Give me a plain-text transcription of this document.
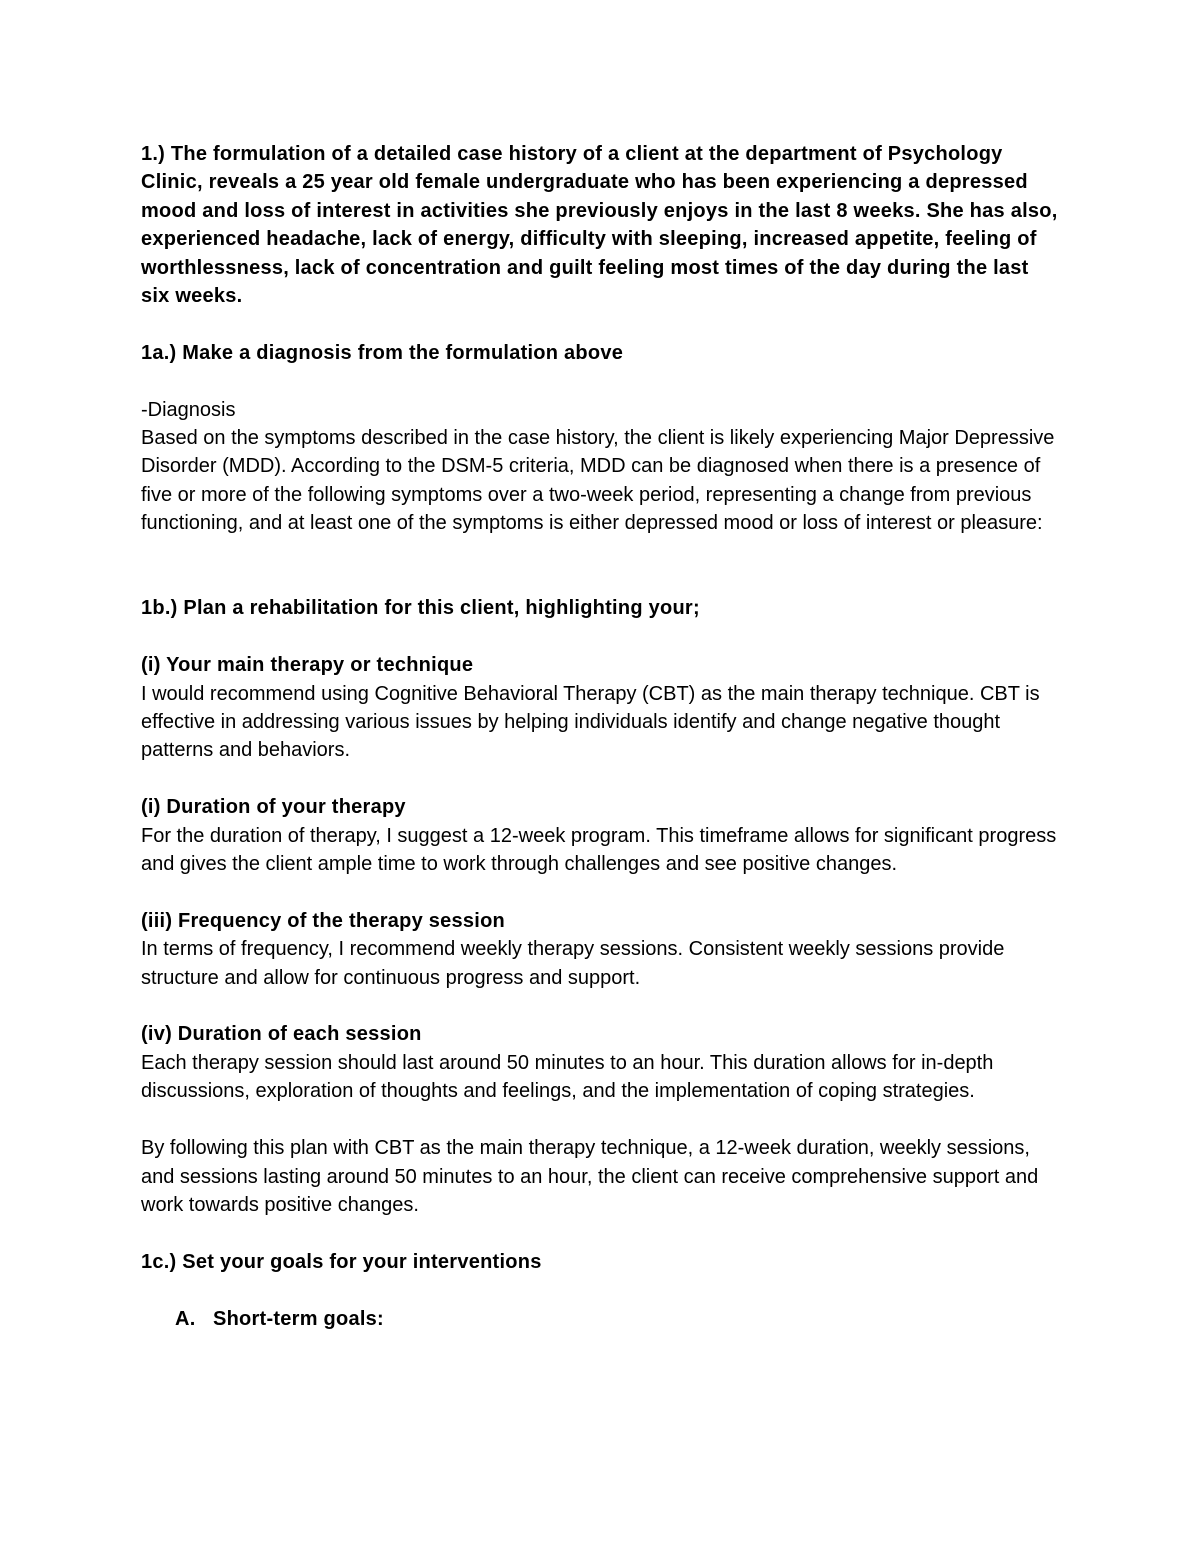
1.) The formulation of a detailed case history of a client at the department of Psychology Clinic, reveals a 25 year old female undergraduate who has been experiencing a depressed mood and loss of interest in activities she previously enjoys in the last 8 weeks. She has also, experienced headache, lack of energy, difficulty with sleeping, increased appetite, feeling of worthlessness, lack of concentration and guilt feeling most times of the day during the last six weeks.

1a.) Make a diagnosis from the formulation above

-Diagnosis

Based on the symptoms described in the case history, the client is likely experiencing Major Depressive Disorder (MDD). According to the DSM-5 criteria, MDD can be diagnosed when there is a presence of five or more of the following symptoms over a two-week period, representing a change from previous functioning, and at least one of the symptoms is either depressed mood or loss of interest or pleasure:

1b.) Plan a rehabilitation for this client, highlighting your;

(i) Your main therapy or technique

I would recommend using Cognitive Behavioral Therapy (CBT) as the main therapy technique. CBT is effective in addressing various issues by helping individuals identify and change negative thought patterns and behaviors.

(i) Duration of your therapy

For the duration of therapy, I suggest a 12-week program. This timeframe allows for significant progress and gives the client ample time to work through challenges and see positive changes.

(iii) Frequency of the therapy session

In terms of frequency, I recommend weekly therapy sessions. Consistent weekly sessions provide structure and allow for continuous progress and support.

(iv) Duration of each session

Each therapy session should last around 50 minutes to an hour. This duration allows for in-depth discussions, exploration of thoughts and feelings, and the implementation of coping strategies.

By following this plan with CBT as the main therapy technique, a 12-week duration, weekly sessions, and sessions lasting around 50 minutes to an hour, the client can receive comprehensive support and work towards positive changes.

1c.) Set your goals for your interventions

A. Short-term goals:
